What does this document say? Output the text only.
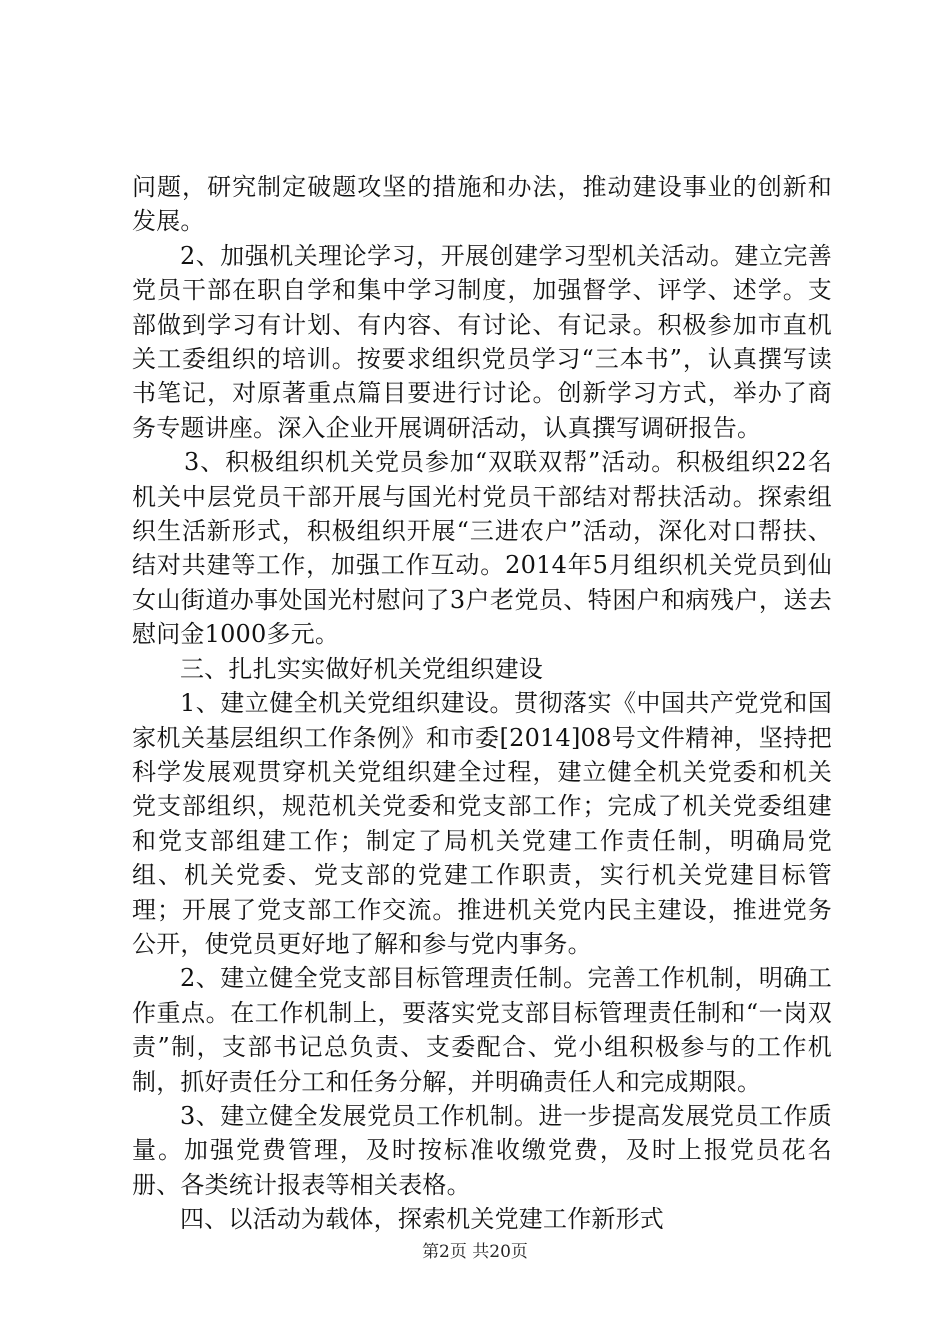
问题，研究制定破题攻坚的措施和办法，推动建设事业的创新和发展。

2、加强机关理论学习，开展创建学习型机关活动。建立完善党员干部在职自学和集中学习制度，加强督学、评学、述学。支部做到学习有计划、有内容、有讨论、有记录。积极参加市直机关工委组织的培训。按要求组织党员学习“三本书”，认真撰写读书笔记，对原著重点篇目要进行讨论。创新学习方式，举办了商务专题讲座。深入企业开展调研活动，认真撰写调研报告。

3、积极组织机关党员参加“双联双帮”活动。积极组织22名机关中层党员干部开展与国光村党员干部结对帮扶活动。探索组织生活新形式，积极组织开展“三进农户”活动，深化对口帮扶、结对共建等工作，加强工作互动。2014年5月组织机关党员到仙女山街道办事处国光村慰问了3户老党员、特困户和病残户，送去慰问金1000多元。

三、扎扎实实做好机关党组织建设

1、建立健全机关党组织建设。贯彻落实《中国共产党党和国家机关基层组织工作条例》和市委[2014]08号文件精神，坚持把科学发展观贯穿机关党组织建全过程，建立健全机关党委和机关党支部组织，规范机关党委和党支部工作；完成了机关党委组建和党支部组建工作；制定了局机关党建工作责任制，明确局党组、机关党委、党支部的党建工作职责，实行机关党建目标管理；开展了党支部工作交流。推进机关党内民主建设，推进党务公开，使党员更好地了解和参与党内事务。

2、建立健全党支部目标管理责任制。完善工作机制，明确工作重点。在工作机制上，要落实党支部目标管理责任制和“一岗双责”制，支部书记总负责、支委配合、党小组积极参与的工作机制，抓好责任分工和任务分解，并明确责任人和完成期限。

3、建立健全发展党员工作机制。进一步提高发展党员工作质量。加强党费管理，及时按标准收缴党费，及时上报党员花名册、各类统计报表等相关表格。

四、以活动为载体，探索机关党建工作新形式

第2页 共20页
